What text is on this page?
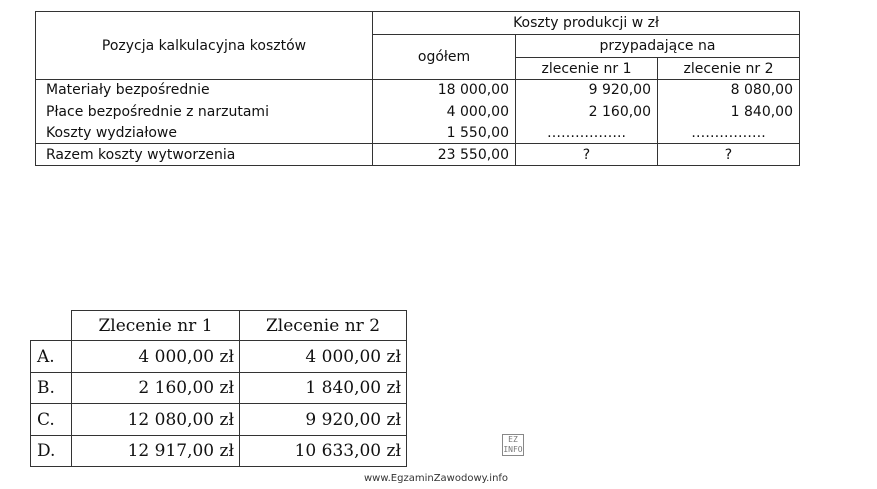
Pozycja kalkulacyjna kosztów	Koszty produkcji w zł		
	ogółem	przypadające na	
		zlecenie nr 1	zlecenie nr 2
Materiały bezpośrednie	18 000,00	9 920,00	8 080,00
Płace bezpośrednie z narzutami	4 000,00	2 160,00	1 840,00
Koszty wydziałowe	1 550,00	……………..	…………….
Razem koszty wytworzenia	23 550,00	?	?
	Zlecenie nr 1	Zlecenie nr 2
A.	4 000,00 zł	4 000,00 zł
B.	2 160,00 zł	1 840,00 zł
C.	12 080,00 zł	9 920,00 zł
D.	12 917,00 zł	10 633,00 zł
EZ INFO
www.EgzaminZawodowy.info
